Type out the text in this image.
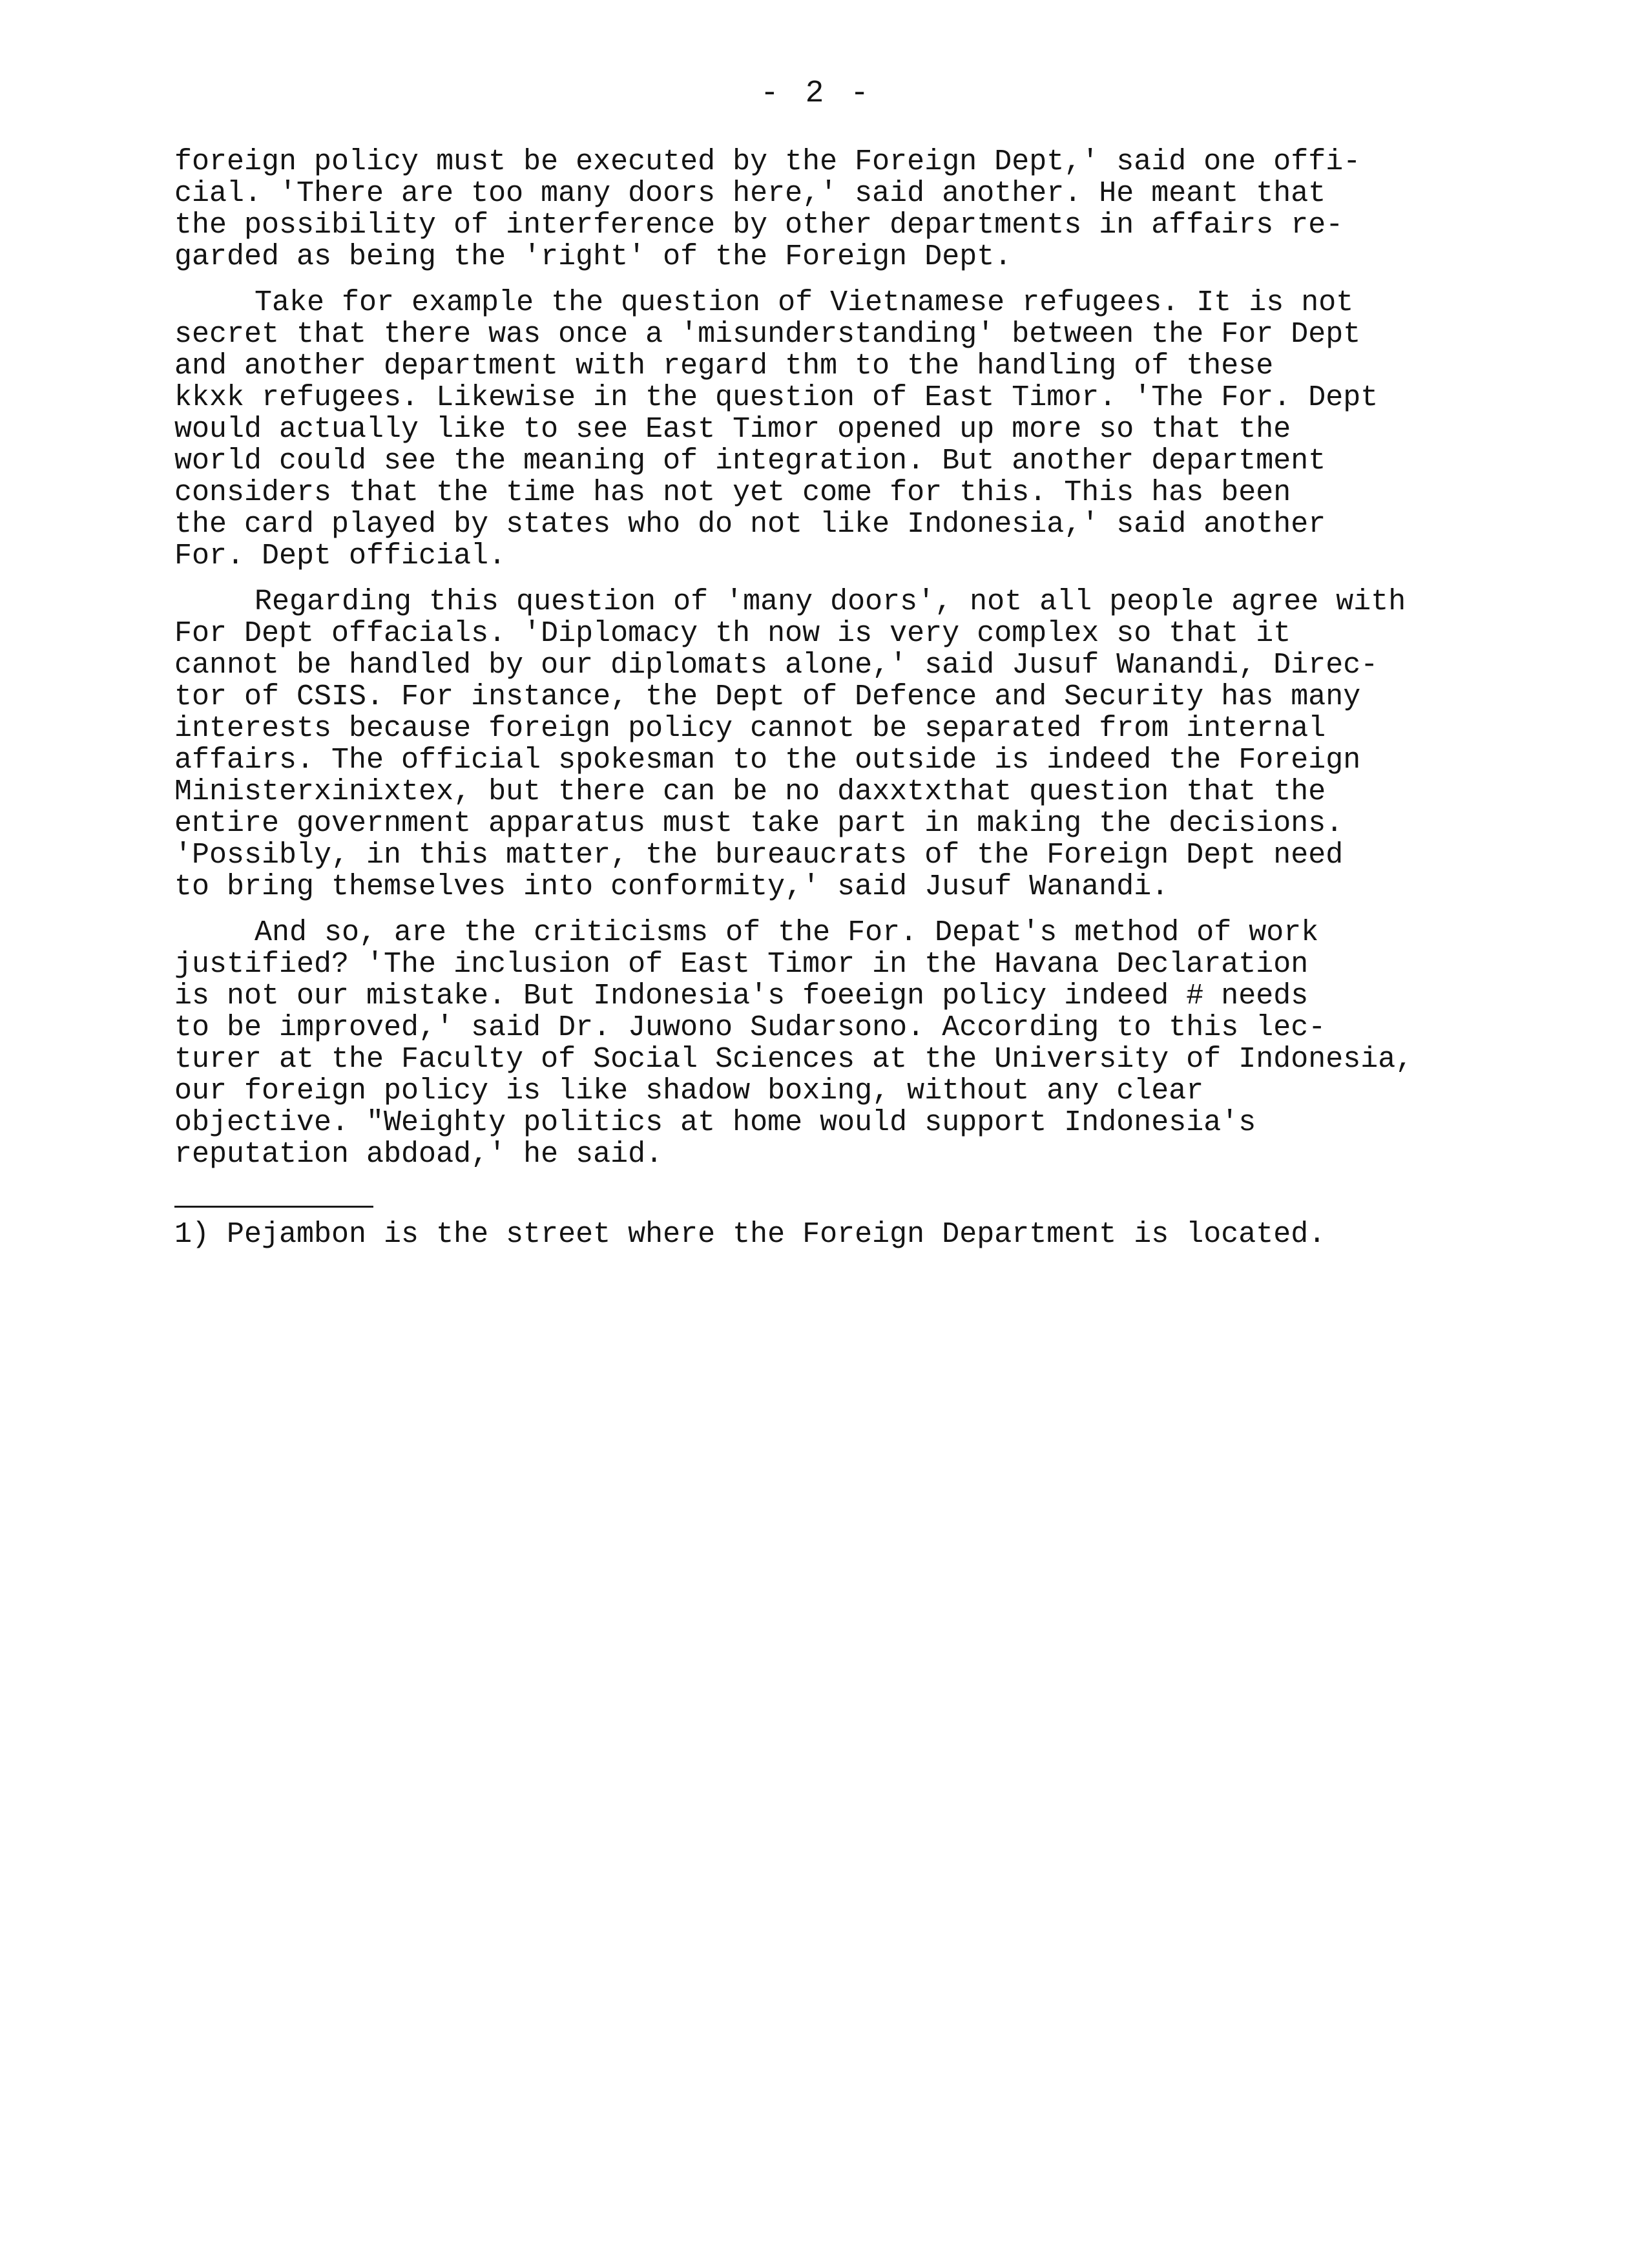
- 2 -
foreign policy must be executed by the Foreign Dept,' said one offi-
cial. 'There are too many doors here,' said another. He meant that
the possibility of interference by other departments in affairs re-
garded as being the 'right' of the Foreign Dept.
Take for example the question of Vietnamese refugees. It is not
secret that there was once a 'misunderstanding' between the For Dept
and another department with regard thm to the handling of these
kkxk refugees. Likewise in the question of East Timor. 'The For. Dept
would actually like to see East Timor opened up more so that the
world could see the meaning of integration. But another department
considers that the time has not yet come for this. This has been
the card played by states who do not like Indonesia,' said another
For. Dept official.
Regarding this question of 'many doors', not all people agree with
For Dept offacials. 'Diplomacy th now is very complex so that it
cannot be handled by our diplomats alone,' said Jusuf Wanandi, Direc-
tor of CSIS. For instance, the Dept of Defence and Security has many
interests because foreign policy cannot be separated from internal
affairs. The official spokesman to the outside is indeed the Foreign
Ministerxinixtex, but there can be no daxxtxthat question that the
entire government apparatus must take part in making the decisions.
'Possibly, in this matter, the bureaucrats of the Foreign Dept need
to bring themselves into conformity,' said Jusuf Wanandi.
And so, are the criticisms of the For. Depat's method of work
justified? 'The inclusion of East Timor in the Havana Declaration
is not our mistake. But Indonesia's foeeign policy indeed # needs
to be improved,' said Dr. Juwono Sudarsono. According to this lec-
turer at the Faculty of Social Sciences at the University of Indonesia,
our foreign policy is like shadow boxing, without any clear
objective. "Weighty politics at home would support Indonesia's
reputation abdoad,' he said.
1) Pejambon is the street where the Foreign Department is located.
